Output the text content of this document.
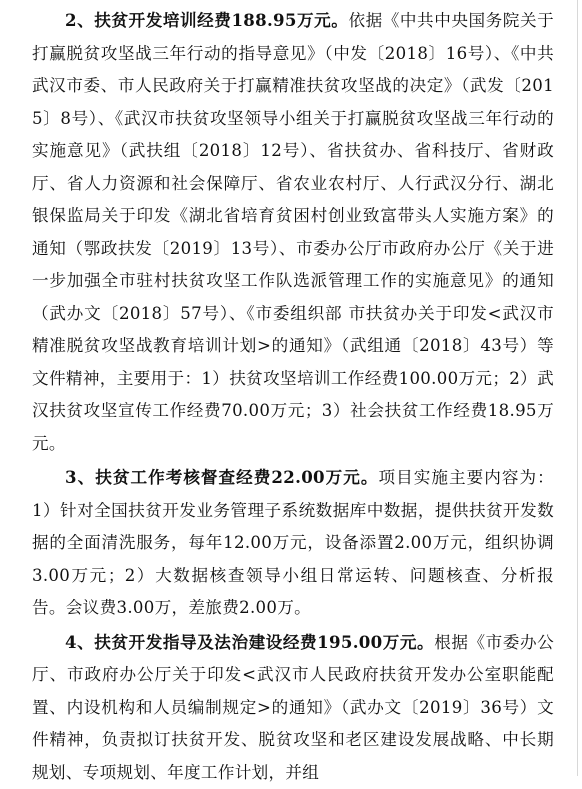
2、扶贫开发培训经费188.95万元。依据《中共中央国务院关于打赢脱贫攻坚战三年行动的指导意见》（中发〔2018〕16号）、《中共武汉市委、市人民政府关于打赢精准扶贫攻坚战的决定》（武发〔2015〕8号）、《武汉市扶贫攻坚领导小组关于打赢脱贫攻坚战三年行动的实施意见》（武扶组〔2018〕12号）、省扶贫办、省科技厅、省财政厅、省人力资源和社会保障厅、省农业农村厅、人行武汉分行、湖北银保监局关于印发《湖北省培育贫困村创业致富带头人实施方案》的通知（鄂政扶发〔2019〕13号）、市委办公厅市政府办公厅《关于进一步加强全市驻村扶贫攻坚工作队选派管理工作的实施意见》的通知（武办文〔2018〕57号）、《市委组织部 市扶贫办关于印发<武汉市精准脱贫攻坚战教育培训计划>的通知》（武组通〔2018〕43号）等文件精神，主要用于：1）扶贫攻坚培训工作经费100.00万元；2）武汉扶贫攻坚宣传工作经费70.00万元；3）社会扶贫工作经费18.95万元。

3、扶贫工作考核督查经费22.00万元。项目实施主要内容为：1）针对全国扶贫开发业务管理子系统数据库中数据，提供扶贫开发数据的全面清洗服务，每年12.00万元，设备添置2.00万元，组织协调3.00万元；2）大数据核查领导小组日常运转、问题核查、分析报告。会议费3.00万，差旅费2.00万。

4、扶贫开发指导及法治建设经费195.00万元。根据《市委办公厅、市政府办公厅关于印发<武汉市人民政府扶贫开发办公室职能配置、内设机构和人员编制规定>的通知》（武办文〔2019〕36号）文件精神，负责拟订扶贫开发、脱贫攻坚和老区建设发展战略、中长期规划、专项规划、年度工作计划，并组
